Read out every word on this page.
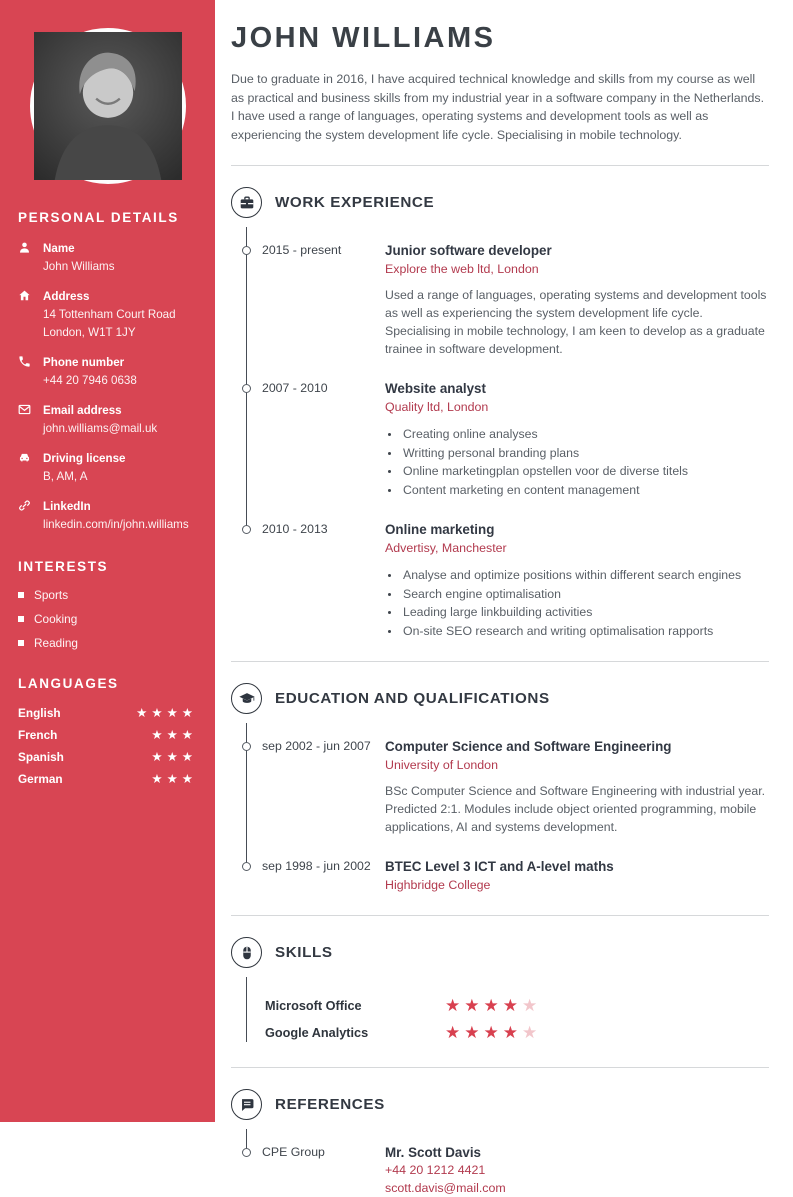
PERSONAL DETAILS
Name
John Williams
Address
14 Tottenham Court Road
London, W1T 1JY
Phone number
+44 20 7946 0638
Email address
john.williams@mail.uk
Driving license
B, AM, A
LinkedIn
linkedin.com/in/john.williams
INTERESTS
Sports
Cooking
Reading
LANGUAGES
English	★★★★
French	★★★
Spanish	★★★
German	★★★
JOHN WILLIAMS

Due to graduate in 2016, I have acquired technical knowledge and skills from my course as well as practical and business skills from my industrial year in a software company in the Netherlands. I have used a range of languages, operating systems and development tools as well as experiencing the system development life cycle. Specialising in mobile technology.

WORK EXPERIENCE
2015 - present	Junior software developer
Explore the web ltd, London

Used a range of languages, operating systems and development tools as well as experiencing the system development life cycle. Specialising in mobile technology, I am keen to develop as a graduate trainee in software development.

2007 - 2010	Website analyst
Quality ltd, London
• Creating online analyses
• Writting personal branding plans
• Online marketingplan opstellen voor de diverse titels
• Content marketing en content management
2010 - 2013	Online marketing
Advertisy, Manchester
• Analyse and optimize positions within different search engines
• Search engine optimalisation
• Leading large linkbuilding activities
• On-site SEO research and writing optimalisation rapports
EDUCATION AND QUALIFICATIONS
sep 2002 - jun 2007	Computer Science and Software Engineering
University of London

BSc Computer Science and Software Engineering with industrial year. Predicted 2:1. Modules include object oriented programming, mobile applications, AI and systems development.

sep 1998 - jun 2002	BTEC Level 3 ICT and A-level maths
Highbridge College
SKILLS
Microsoft Office	★★★★★
Google Analytics	★★★★★
REFERENCES
CPE Group	Mr. Scott Davis
+44 20 1212 4421
scott.davis@mail.com
